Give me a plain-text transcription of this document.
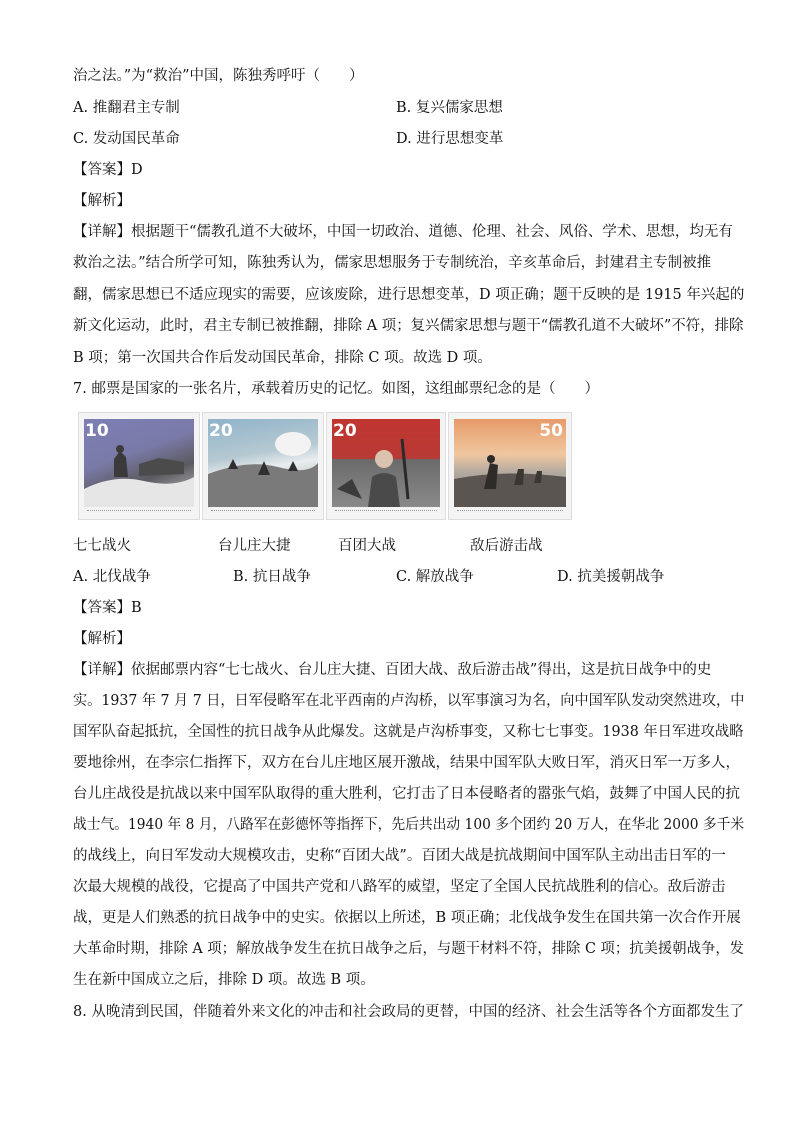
治之法。”为“救治”中国，陈独秀呼吁（　　）
A. 推翻君主专制	B. 复兴儒家思想
C. 发动国民革命	D. 进行思想变革
【答案】D
【解析】
【详解】根据题干“儒教孔道不大破坏，中国一切政治、道德、伦理、社会、风俗、学术、思想，均无有
救治之法。”结合所学可知，陈独秀认为，儒家思想服务于专制统治，辛亥革命后，封建君主专制被推
翻，儒家思想已不适应现实的需要，应该废除，进行思想变革，D 项正确；题干反映的是 1915 年兴起的
新文化运动，此时，君主专制已被推翻，排除 A 项；复兴儒家思想与题干“儒教孔道不大破坏”不符，排除
B 项；第一次国共合作后发动国民革命，排除 C 项。故选 D 项。
7. 邮票是国家的一张名片，承载着历史的记忆。如图，这组邮票纪念的是（　　）
10	20	20	50
七七战火	台儿庄大捷	百团大战	敌后游击战
A. 北伐战争	B. 抗日战争	C. 解放战争	D. 抗美援朝战争
【答案】B
【解析】
【详解】依据邮票内容“七七战火、台儿庄大捷、百团大战、敌后游击战”得出，这是抗日战争中的史
实。1937 年 7 月 7 日，日军侵略军在北平西南的卢沟桥，以军事演习为名，向中国军队发动突然进攻，中
国军队奋起抵抗，全国性的抗日战争从此爆发。这就是卢沟桥事变，又称七七事变。1938 年日军进攻战略
要地徐州，在李宗仁指挥下，双方在台儿庄地区展开激战，结果中国军队大败日军，消灭日军一万多人，
台儿庄战役是抗战以来中国军队取得的重大胜利，它打击了日本侵略者的嚣张气焰，鼓舞了中国人民的抗
战士气。1940 年 8 月，八路军在彭德怀等指挥下，先后共出动 100 多个团约 20 万人，在华北 2000 多千米
的战线上，向日军发动大规模攻击，史称“百团大战”。百团大战是抗战期间中国军队主动出击日军的一
次最大规模的战役，它提高了中国共产党和八路军的威望，坚定了全国人民抗战胜利的信心。敌后游击
战，更是人们熟悉的抗日战争中的史实。依据以上所述，B 项正确；北伐战争发生在国共第一次合作开展
大革命时期，排除 A 项；解放战争发生在抗日战争之后，与题干材料不符，排除 C 项；抗美援朝战争，发
生在新中国成立之后，排除 D 项。故选 B 项。
8. 从晚清到民国，伴随着外来文化的冲击和社会政局的更替，中国的经济、社会生活等各个方面都发生了
